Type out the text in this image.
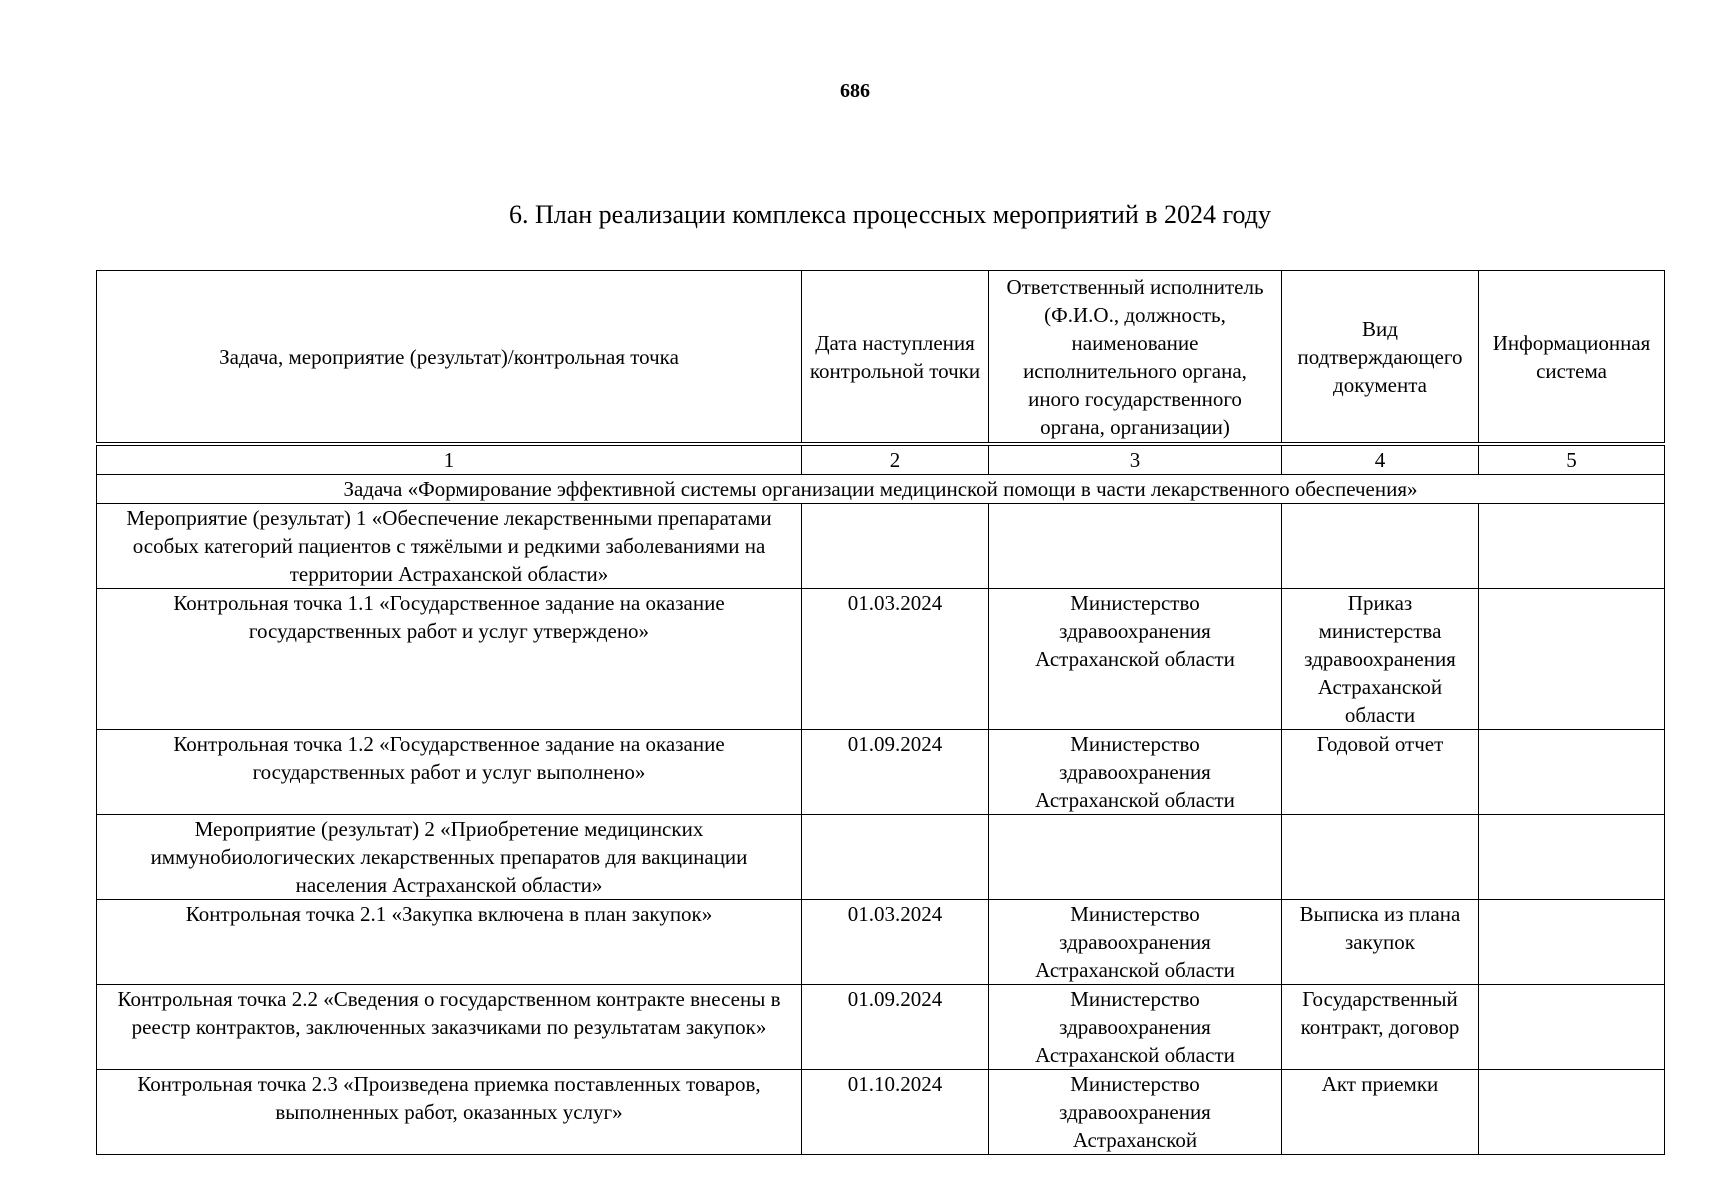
686
6. План реализации комплекса процессных мероприятий в 2024 году
Задача, мероприятие (результат)/контрольная точка	Дата наступления контрольной точки	Ответственный исполнитель (Ф.И.О., должность, наименование исполнительного органа, иного государственного органа, организации)	Вид подтверждающего документа	Информационная система
1	2	3	4	5
Задача «Формирование эффективной системы организации медицинской помощи в части лекарственного обеспечения»				
Мероприятие (результат) 1 «Обеспечение лекарственными препаратами особых категорий пациентов с тяжёлыми и редкими заболеваниями на территории Астраханской области»				
Контрольная точка 1.1 «Государственное задание на оказание государственных работ и услуг утверждено»	01.03.2024	Министерство здравоохранения Астраханской области	Приказ министерства здравоохранения Астраханской области	
Контрольная точка 1.2 «Государственное задание на оказание государственных работ и услуг выполнено»	01.09.2024	Министерство здравоохранения Астраханской области	Годовой отчет	
Мероприятие (результат) 2 «Приобретение медицинских иммунобиологических лекарственных препаратов для вакцинации населения Астраханской области»				
Контрольная точка 2.1 «Закупка включена в план закупок»	01.03.2024	Министерство здравоохранения Астраханской области	Выписка из плана закупок	
Контрольная точка 2.2 «Сведения о государственном контракте внесены в реестр контрактов, заключенных заказчиками по результатам закупок»	01.09.2024	Министерство здравоохранения Астраханской области	Государственный контракт, договор	
Контрольная точка 2.3 «Произведена приемка поставленных товаров, выполненных работ, оказанных услуг»	01.10.2024	Министерство здравоохранения Астраханской	Акт приемки	
